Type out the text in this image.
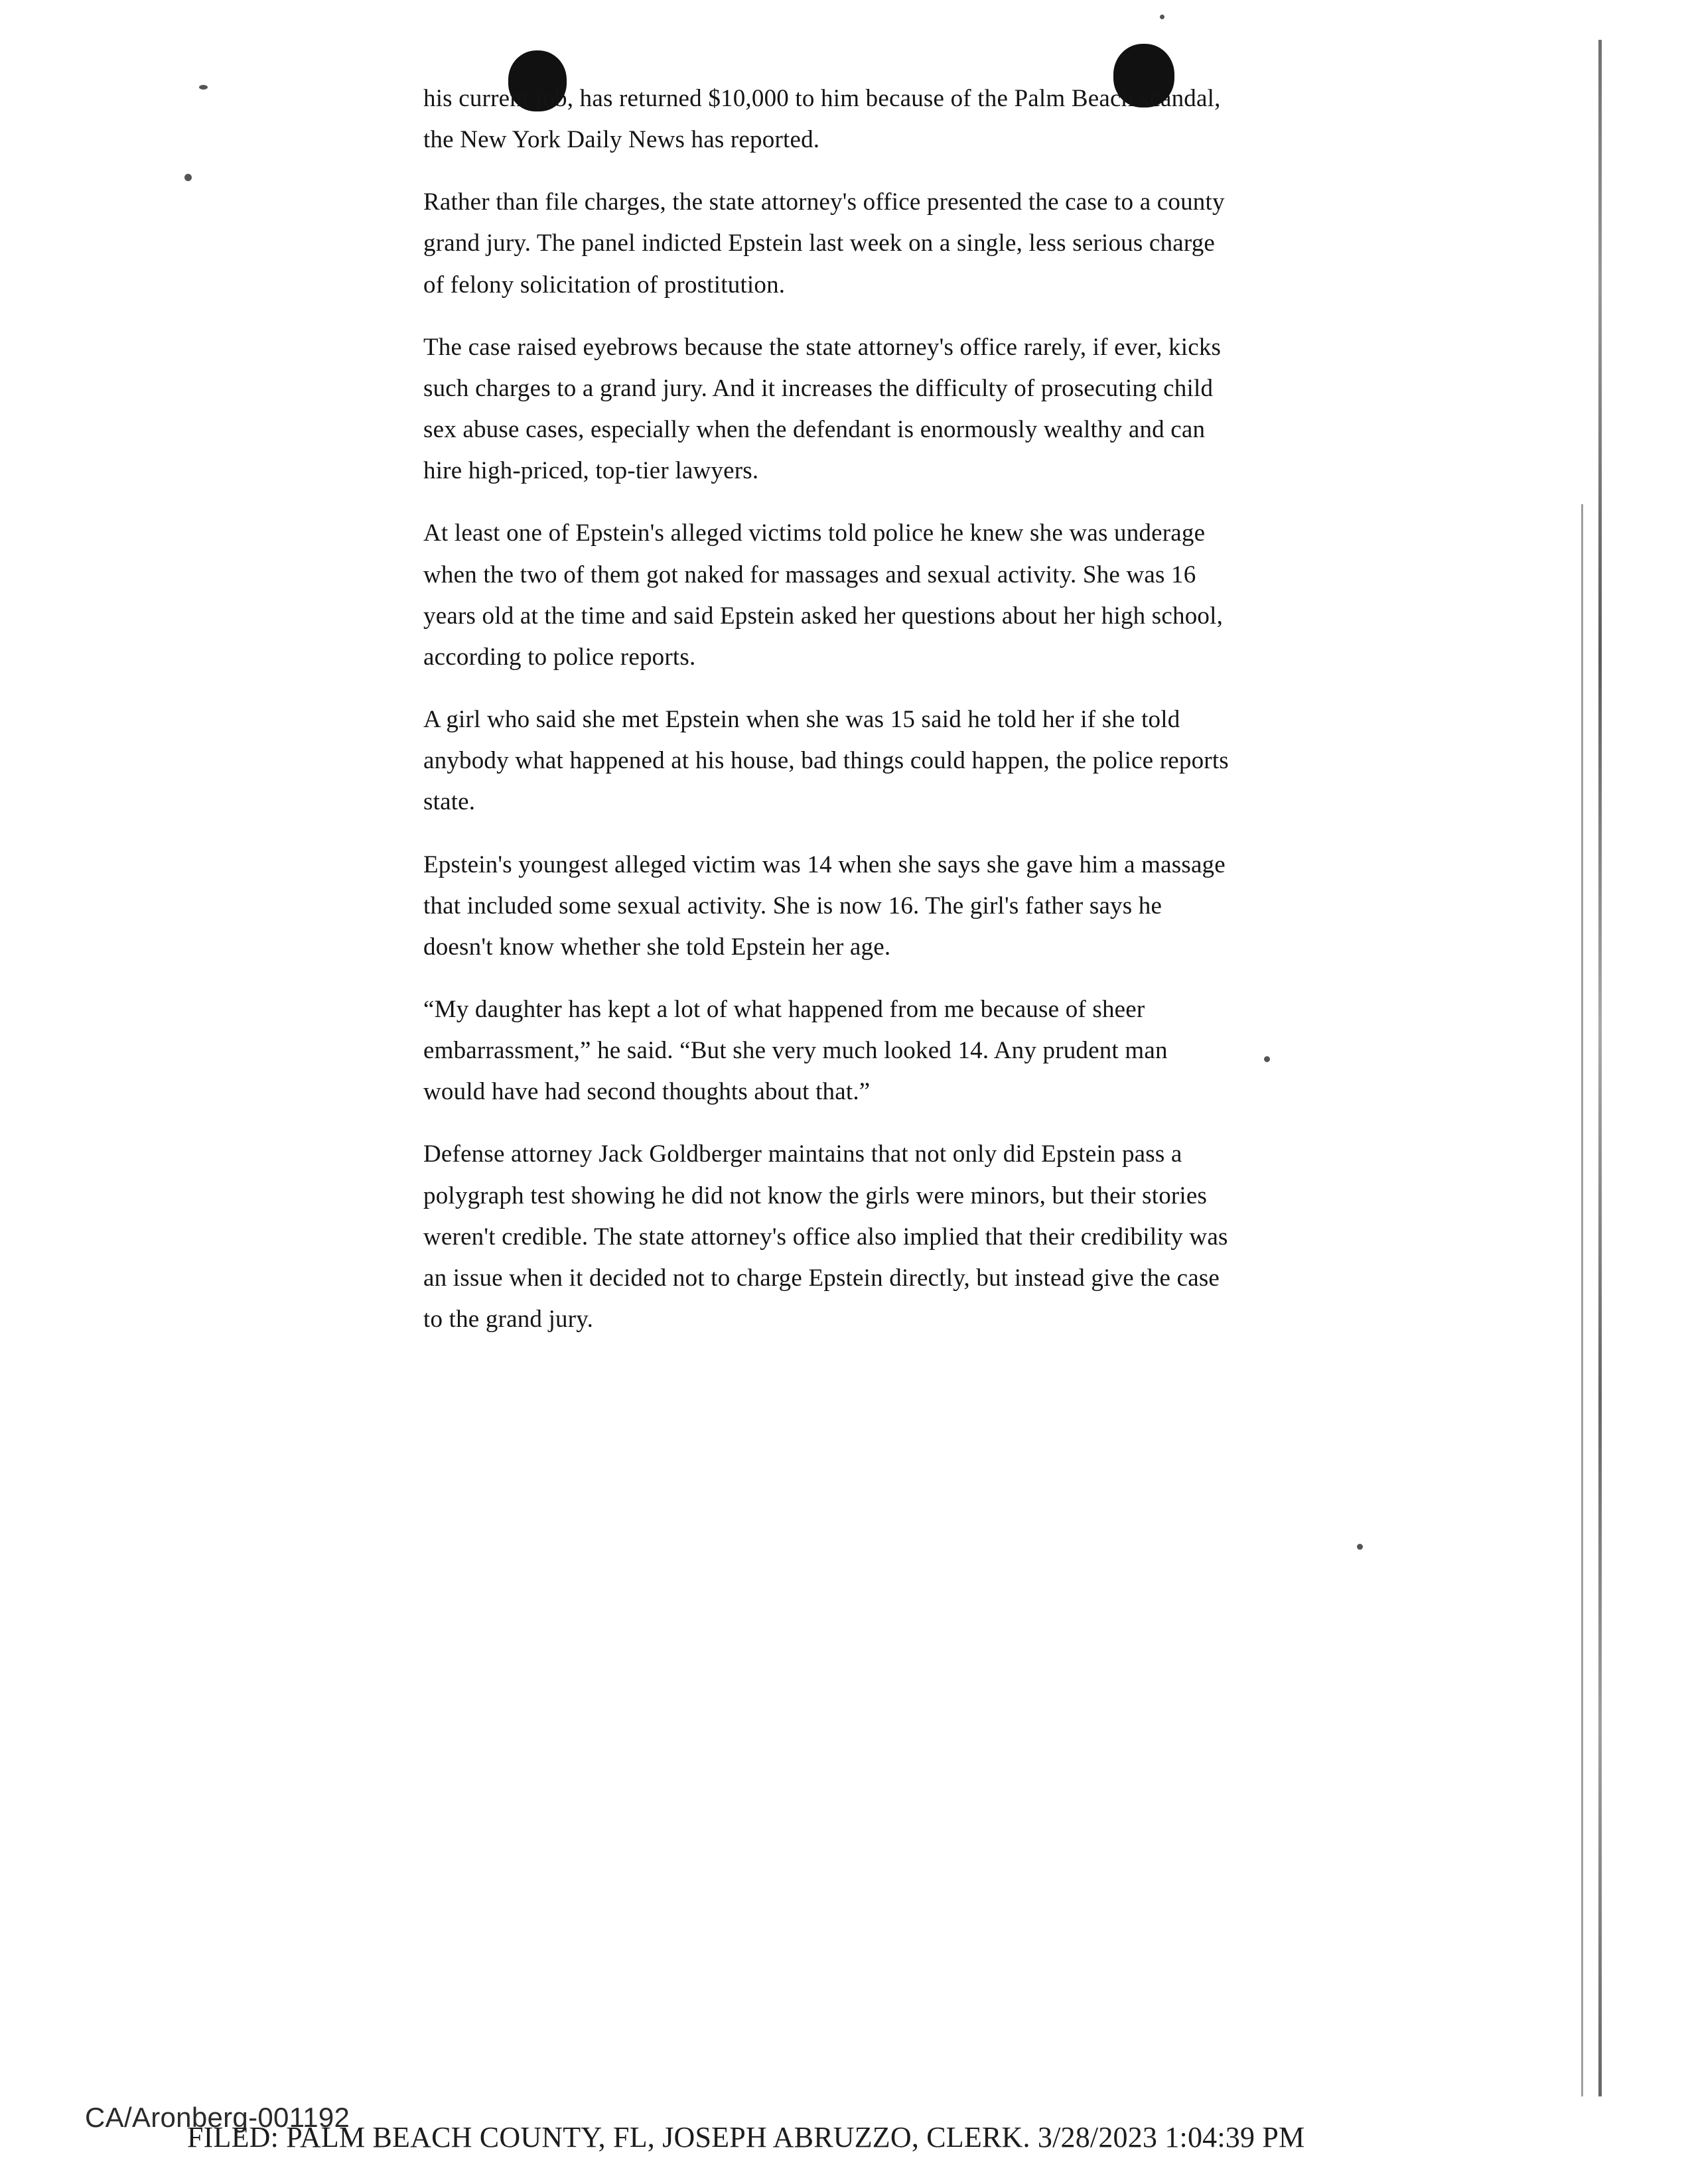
his current job, has returned $10,000 to him because of the Palm Beach scandal, the New York Daily News has reported.

Rather than file charges, the state attorney's office presented the case to a county grand jury. The panel indicted Epstein last week on a single, less serious charge of felony solicitation of prostitution.

The case raised eyebrows because the state attorney's office rarely, if ever, kicks such charges to a grand jury. And it increases the difficulty of prosecuting child sex abuse cases, especially when the defendant is enormously wealthy and can hire high-priced, top-tier lawyers.

At least one of Epstein's alleged victims told police he knew she was underage when the two of them got naked for massages and sexual activity. She was 16 years old at the time and said Epstein asked her questions about her high school, according to police reports.

A girl who said she met Epstein when she was 15 said he told her if she told anybody what happened at his house, bad things could happen, the police reports state.

Epstein's youngest alleged victim was 14 when she says she gave him a massage that included some sexual activity. She is now 16. The girl's father says he doesn't know whether she told Epstein her age.

“My daughter has kept a lot of what happened from me because of sheer embarrassment,” he said. “But she very much looked 14. Any prudent man would have had second thoughts about that.”

Defense attorney Jack Goldberger maintains that not only did Epstein pass a polygraph test showing he did not know the girls were minors, but their stories weren't credible. The state attorney's office also implied that their credibility was an issue when it decided not to charge Epstein directly, but instead give the case to the grand jury.

CA/Aronberg-001192
FILED: PALM BEACH COUNTY, FL, JOSEPH ABRUZZO, CLERK. 3/28/2023 1:04:39 PM
